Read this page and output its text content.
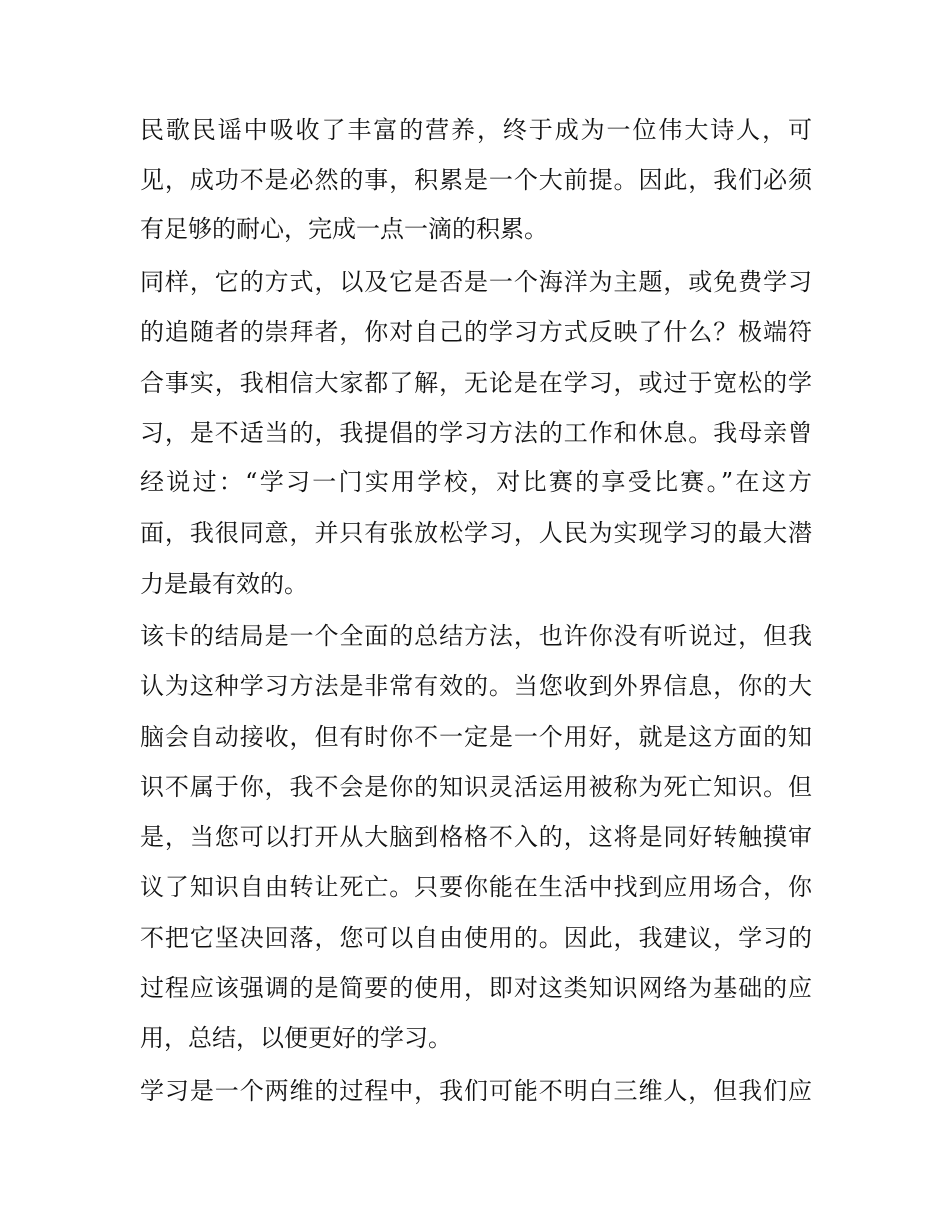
民歌民谣中吸收了丰富的营养，终于成为一位伟大诗人，可
见，成功不是必然的事，积累是一个大前提。因此，我们必须
有足够的耐心，完成一点一滴的积累。
同样，它的方式，以及它是否是一个海洋为主题，或免费学习
的追随者的崇拜者，你对自己的学习方式反映了什么？极端符
合事实，我相信大家都了解，无论是在学习，或过于宽松的学
习，是不适当的，我提倡的学习方法的工作和休息。我母亲曾
经说过：“学习一门实用学校，对比赛的享受比赛。”在这方
面，我很同意，并只有张放松学习，人民为实现学习的最大潜
力是最有效的。
该卡的结局是一个全面的总结方法，也许你没有听说过，但我
认为这种学习方法是非常有效的。当您收到外界信息，你的大
脑会自动接收，但有时你不一定是一个用好，就是这方面的知
识不属于你，我不会是你的知识灵活运用被称为死亡知识。但
是，当您可以打开从大脑到格格不入的，这将是同好转触摸审
议了知识自由转让死亡。只要你能在生活中找到应用场合，你
不把它坚决回落，您可以自由使用的。因此，我建议，学习的
过程应该强调的是简要的使用，即对这类知识网络为基础的应
用，总结，以便更好的学习。
学习是一个两维的过程中，我们可能不明白三维人，但我们应
